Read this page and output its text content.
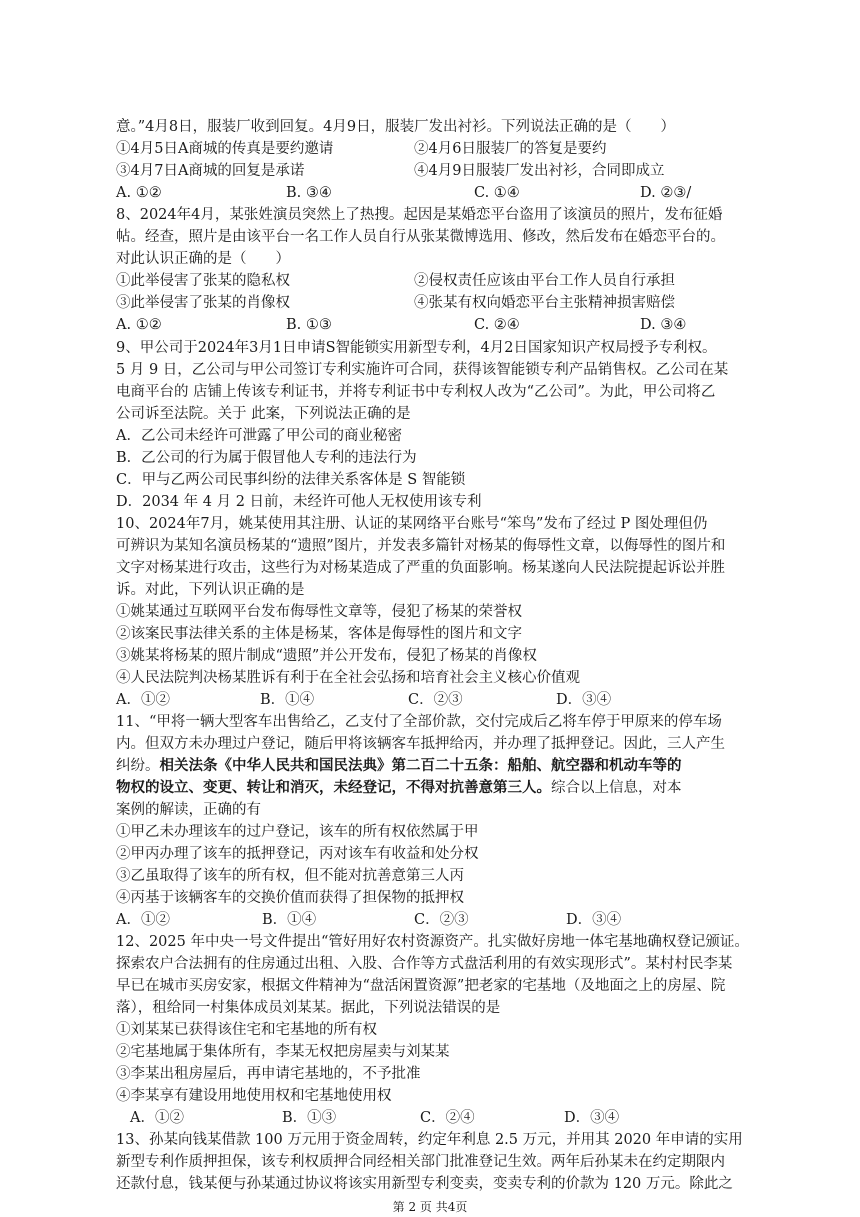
意。”4月8日，服装厂收到回复。4月9日，服装厂发出衬衫。下列说法正确的是（　　）
①4月5日A商城的传真是要约邀请	②4月6日服装厂的答复是要约
③4月7日A商城的回复是承诺	④4月9日服装厂发出衬衫，合同即成立
A. ①②	B. ③④	C. ①④	D. ②③/
8、2024年4月，某张姓演员突然上了热搜。起因是某婚恋平台盗用了该演员的照片，发布征婚
帖。经查，照片是由该平台一名工作人员自行从张某微博选用、修改，然后发布在婚恋平台的。
对此认识正确的是（　　）
①此举侵害了张某的隐私权	②侵权责任应该由平台工作人员自行承担
③此举侵害了张某的肖像权	④张某有权向婚恋平台主张精神损害赔偿
A. ①②	B. ①③	C. ②④	D. ③④
9、甲公司于2024年3月1日申请S智能锁实用新型专利，4月2日国家知识产权局授予专利权。
5 月 9 日，乙公司与甲公司签订专利实施许可合同，获得该智能锁专利产品销售权。乙公司在某
电商平台的 店铺上传该专利证书，并将专利证书中专利权人改为“乙公司”。为此，甲公司将乙
公司诉至法院。关于 此案，下列说法正确的是
A．乙公司未经许可泄露了甲公司的商业秘密
B．乙公司的行为属于假冒他人专利的违法行为
C．甲与乙两公司民事纠纷的法律关系客体是 S 智能锁
D．2034 年 4 月 2 日前，未经许可他人无权使用该专利
10、2024年7月，姚某使用其注册、认证的某网络平台账号“笨鸟”发布了经过 P 图处理但仍
可辨识为某知名演员杨某的“遗照”图片，并发表多篇针对杨某的侮辱性文章，以侮辱性的图片和
文字对杨某进行攻击，这些行为对杨某造成了严重的负面影响。杨某遂向人民法院提起诉讼并胜
诉。对此，下列认识正确的是
①姚某通过互联网平台发布侮辱性文章等，侵犯了杨某的荣誉权
②该案民事法律关系的主体是杨某，客体是侮辱性的图片和文字
③姚某将杨某的照片制成“遗照”并公开发布，侵犯了杨某的肖像权
④人民法院判决杨某胜诉有利于在全社会弘扬和培育社会主义核心价值观
A．①②	B．①④	C．②③	D．③④
11、“甲将一辆大型客车出售给乙，乙支付了全部价款，交付完成后乙将车停于甲原来的停车场
内。但双方未办理过户登记，随后甲将该辆客车抵押给丙，并办理了抵押登记。因此，三人产生
纠纷。相关法条《中华人民共和国民法典》第二百二十五条：船舶、航空器和机动车等的
物权的设立、变更、转让和消灭，未经登记，不得对抗善意第三人。综合以上信息，对本
案例的解读，正确的有
①甲乙未办理该车的过户登记，该车的所有权依然属于甲
②甲丙办理了该车的抵押登记，丙对该车有收益和处分权
③乙虽取得了该车的所有权，但不能对抗善意第三人丙
④丙基于该辆客车的交换价值而获得了担保物的抵押权
A．①②	B．①④	C．②③	D．③④
12、2025 年中央一号文件提出“管好用好农村资源资产。扎实做好房地一体宅基地确权登记颁证。
探索农户合法拥有的住房通过出租、入股、合作等方式盘活利用的有效实现形式”。某村村民李某
早已在城市买房安家，根据文件精神为“盘活闲置资源”把老家的宅基地（及地面之上的房屋、院
落），租给同一村集体成员刘某某。据此，下列说法错误的是
①刘某某已获得该住宅和宅基地的所有权
②宅基地属于集体所有，李某无权把房屋卖与刘某某
③李某出租房屋后，再申请宅基地的，不予批准
④李某享有建设用地使用权和宅基地使用权
A．①②	B．①③	C．②④	D．③④
13、孙某向钱某借款 100 万元用于资金周转，约定年利息 2.5 万元，并用其 2020 年申请的实用
新型专利作质押担保，该专利权质押合同经相关部门批准登记生效。两年后孙某未在约定期限内
还款付息，钱某便与孙某通过协议将该实用新型专利变卖，变卖专利的价款为 120 万元。除此之
第 2 页 共4页
